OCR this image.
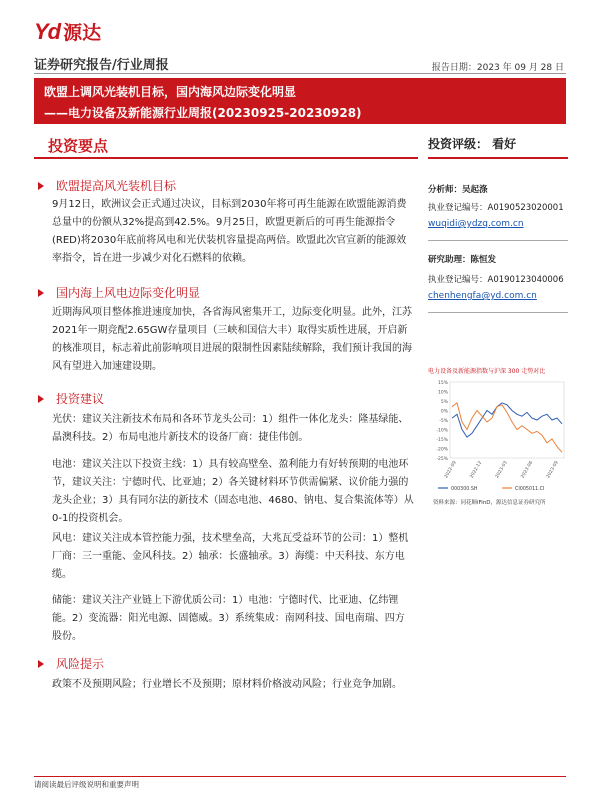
Yd 源达
证券研究报告/行业周报	报告日期：2023 年 09 月 28 日
欧盟上调风光装机目标，国内海风边际变化明显
——电力设备及新能源行业周报(20230925-20230928)
投资要点	投资评级： 看好
欧盟提高风光装机目标
9月12日，欧洲议会正式通过决议，目标到2030年将可再生能源在欧盟能源消费总量中的份额从32%提高到42.5%。9月25日，欧盟更新后的可再生能源指令(RED)将2030年底前将风电和光伏装机容量提高两倍。欧盟此次官宣新的能源效率指令，旨在进一步减少对化石燃料的依赖。
国内海上风电边际变化明显
近期海风项目整体推进速度加快，各省海风密集开工，边际变化明显。此外，江苏2021年一期竞配2.65GW存量项目（三峡和国信大丰）取得实质性进展，开启新的核准项目，标志着此前影响项目进展的限制性因素陆续解除，我们预计我国的海风有望进入加速建设期。
投资建议
光伏：建议关注新技术布局和各环节龙头公司：1）组件一体化龙头：隆基绿能、晶澳科技。2）布局电池片新技术的设备厂商：捷佳伟创。
电池：建议关注以下投资主线：1）具有较高壁垒、盈利能力有好转预期的电池环节，建议关注：宁德时代、比亚迪；2）各关键材料环节供需偏紧、议价能力强的龙头企业；3）具有同尔法的新技术（固态电池、4680、钠电、复合集流体等）从0-1的投资机会。
风电：建议关注成本管控能力强，技术壁垒高，大兆瓦受益环节的公司：1）整机厂商：三一重能、金风科技。2）轴承：长盛轴承。3）海缆：中天科技、东方电缆。
储能：建议关注产业链上下游优质公司：1）电池：宁德时代、比亚迪、亿纬锂能。2）变流器：阳光电源、固德威。3）系统集成：南网科技、国电南瑞、四方股份。
风险提示
政策不及预期风险；行业增长不及预期；原材料价格波动风险；行业竞争加剧。
分析师：吴起涤
执业登记编号：A0190523020001
wuqidi@ydzq.com.cn
研究助理：陈恒发
执业登记编号：A0190123040006
chenhengfa@yd.com.cn
电力设备及新能源指数与沪深 300 走势对比
15%
10%
5%
0%
-5%
-10%
-15%
-20%
-25%
2022-09	2022-12	2023-03	2023-06	2023-09
000300.SH	CI005011.CI
资料来源：同花顺iFinD，源达信息证券研究所
请阅读最后评级说明和重要声明
